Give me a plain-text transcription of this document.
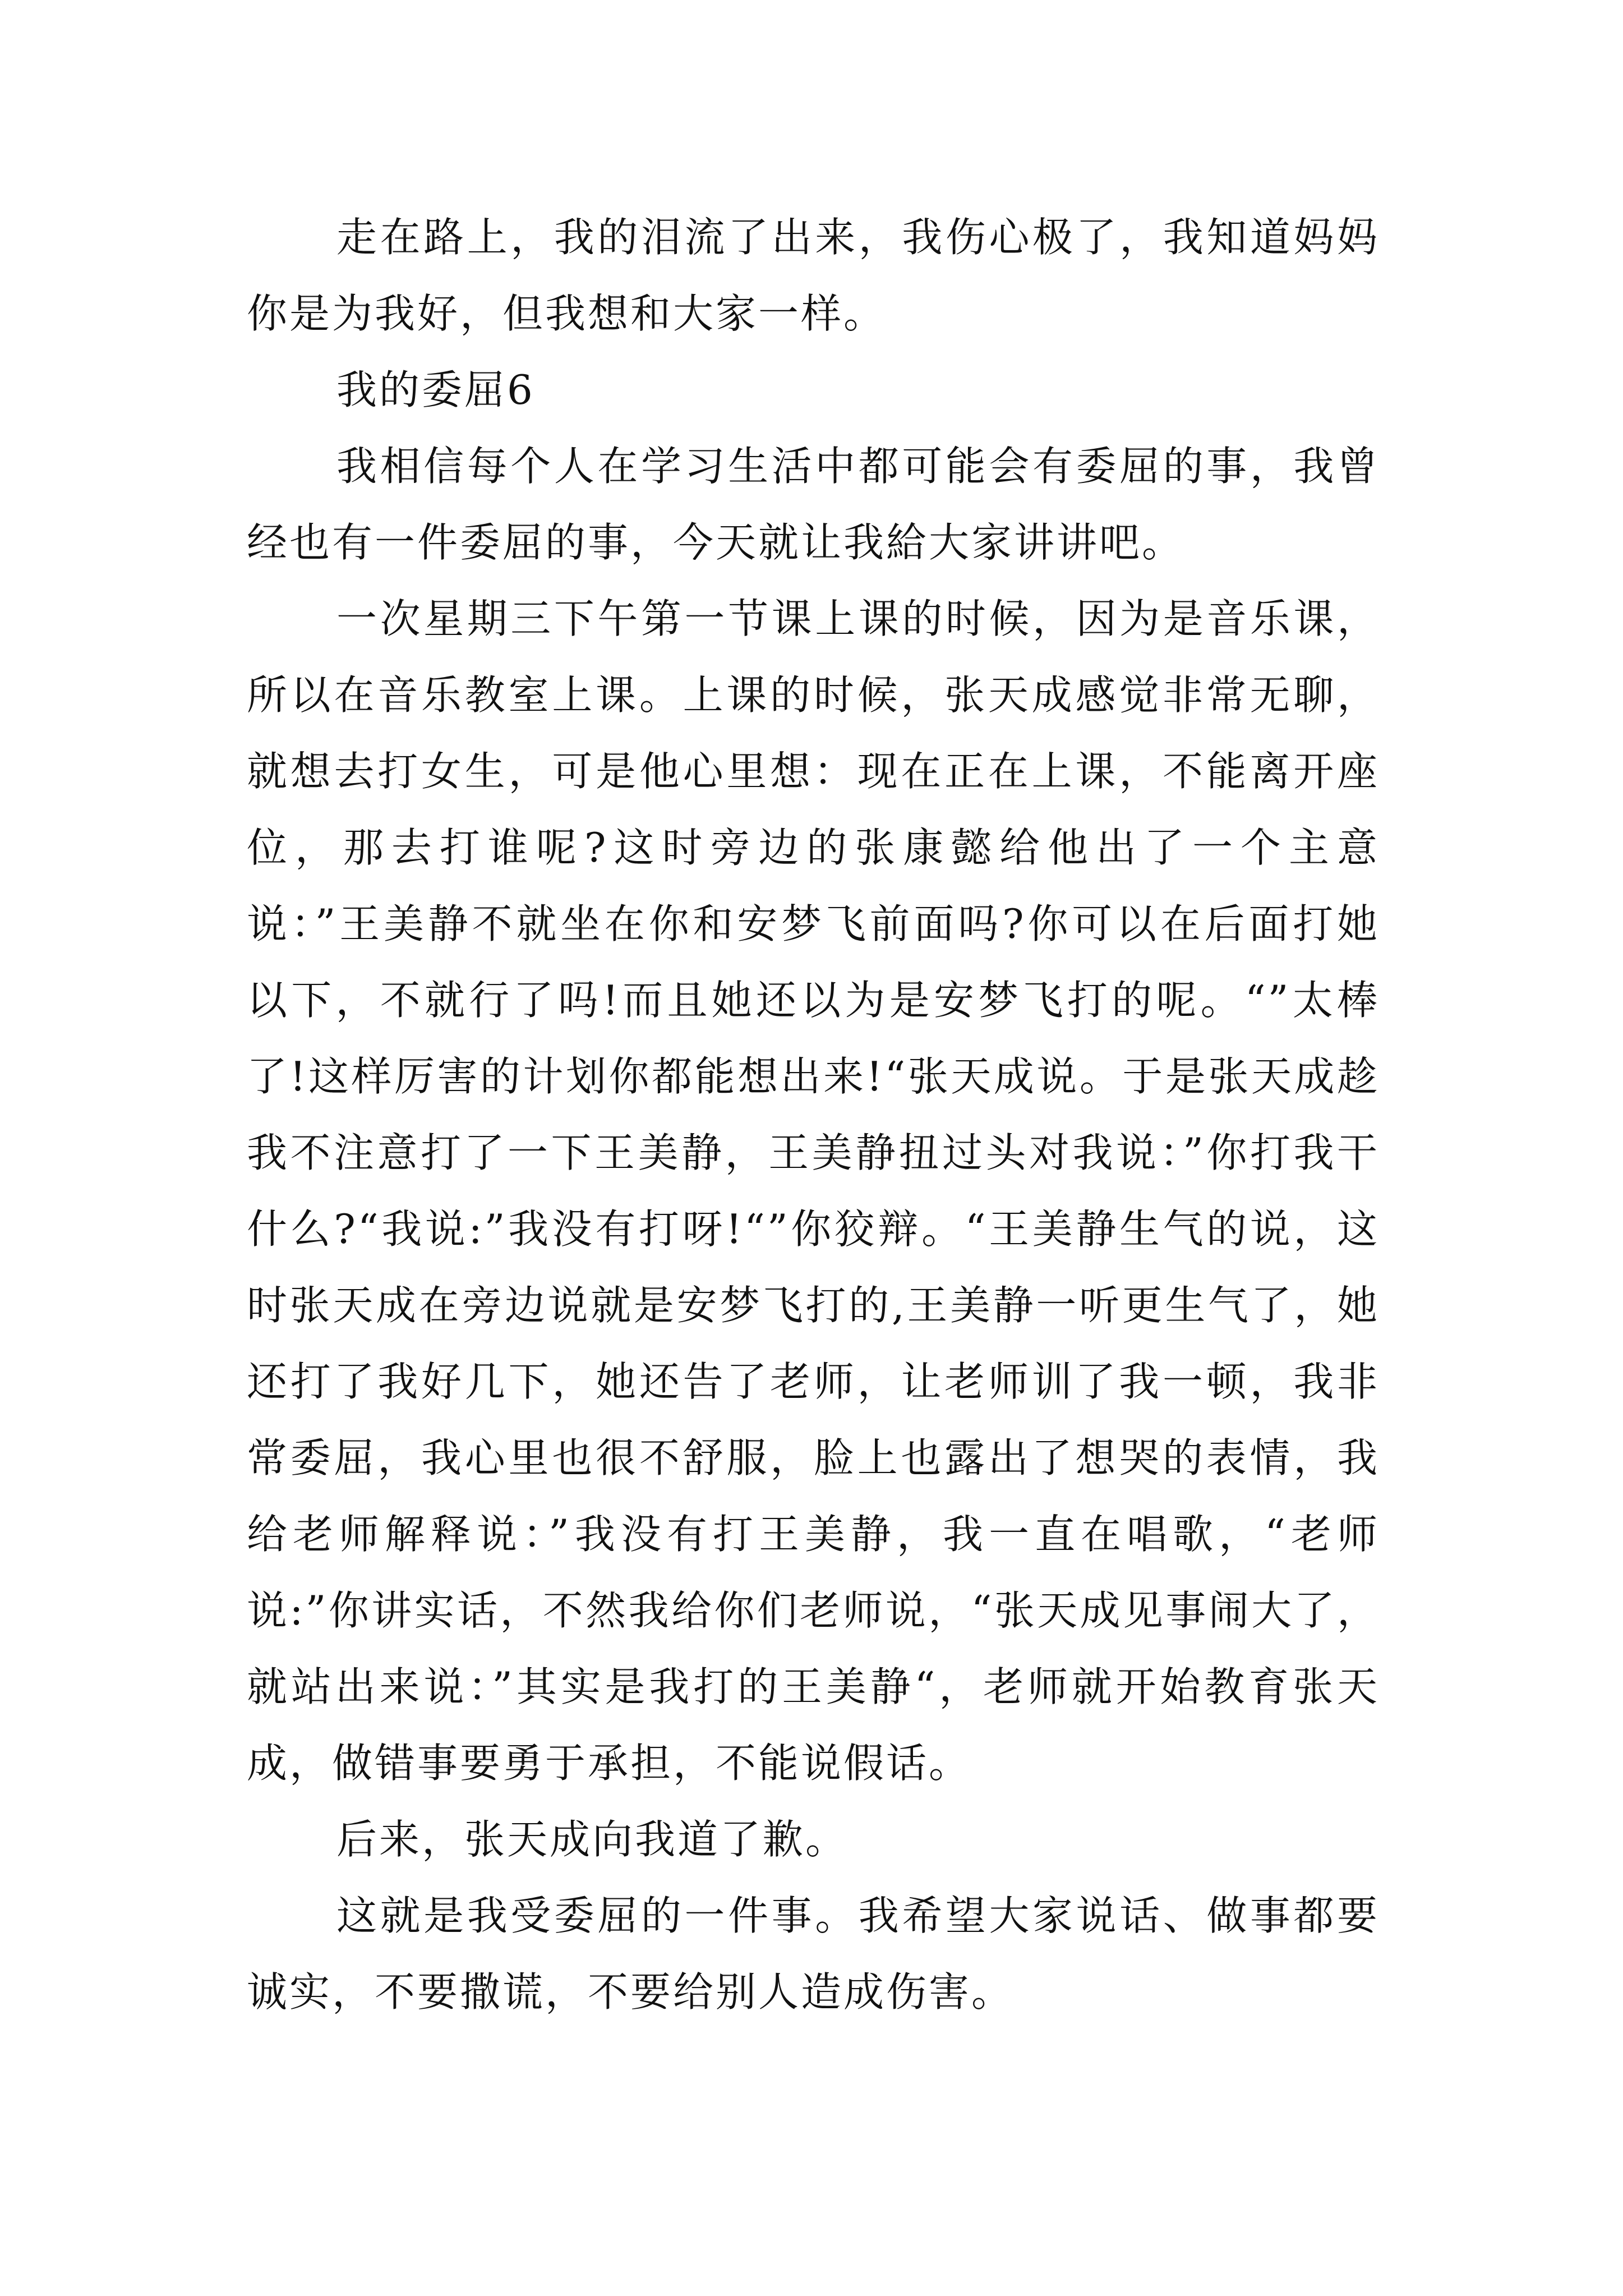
走在路上，我的泪流了出来，我伤心极了，我知道妈妈你是为我好，但我想和大家一样。

我的委屈6

我相信每个人在学习生活中都可能会有委屈的事，我曾经也有一件委屈的事，今天就让我給大家讲讲吧。

一次星期三下午第一节课上课的时候，因为是音乐课，所以在音乐教室上课。上课的时候，张天成感觉非常无聊，就想去打女生，可是他心里想：现在正在上课，不能离开座位，那去打谁呢?这时旁边的张康懿给他出了一个主意说：”王美静不就坐在你和安梦飞前面吗?你可以在后面打她以下，不就行了吗!而且她还以为是安梦飞打的呢。“”太棒了!这样厉害的计划你都能想出来!“张天成说。于是张天成趁我不注意打了一下王美静，王美静扭过头对我说：”你打我干什么?“我说:”我没有打呀!“”你狡辩。“王美静生气的说，这时张天成在旁边说就是安梦飞打的,王美静一听更生气了，她还打了我好几下，她还告了老师，让老师训了我一顿，我非常委屈，我心里也很不舒服，脸上也露出了想哭的表情，我给老师解释说：”我没有打王美静，我一直在唱歌，“老师说:”你讲实话，不然我给你们老师说，“张天成见事闹大了，就站出来说：”其实是我打的王美静“，老师就开始教育张天成，做错事要勇于承担，不能说假话。

后来，张天成向我道了歉。

这就是我受委屈的一件事。我希望大家说话、做事都要诚实，不要撒谎，不要给别人造成伤害。
